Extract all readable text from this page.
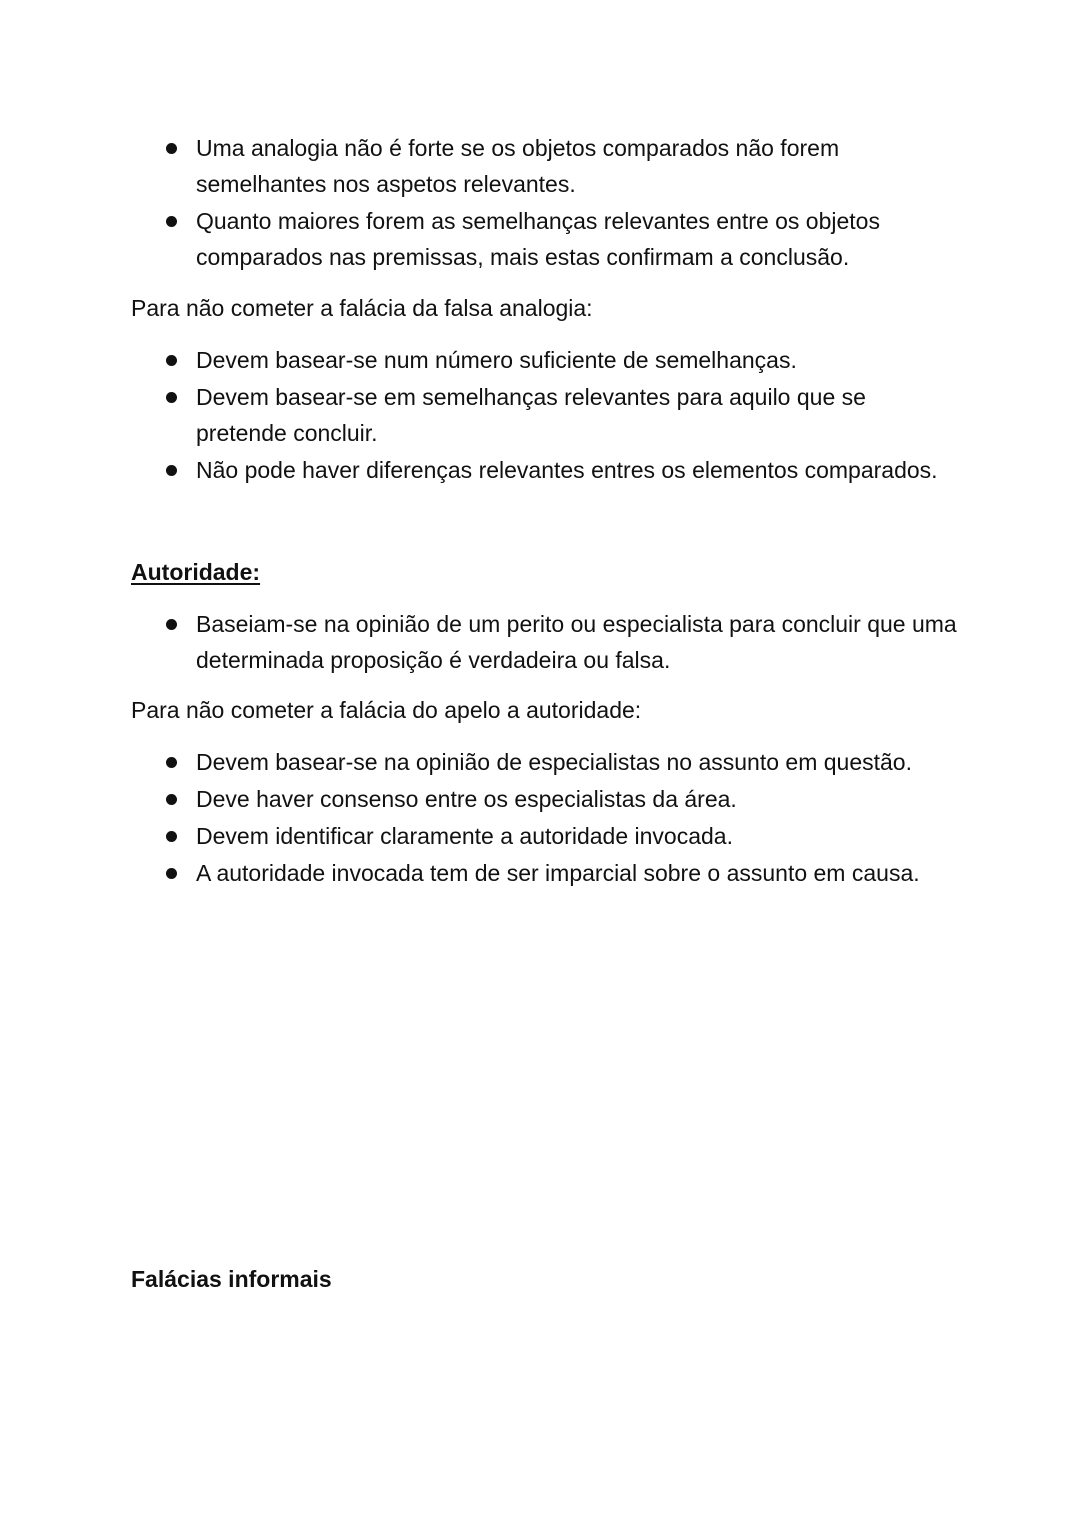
Uma analogia não é forte se os objetos comparados não forem semelhantes nos aspetos relevantes.
Quanto maiores forem as semelhanças relevantes entre os objetos comparados nas premissas, mais estas confirmam a conclusão.
Para não cometer a falácia da falsa analogia:
Devem basear-se num número suficiente de semelhanças.
Devem basear-se em semelhanças relevantes para aquilo que se pretende concluir.
Não pode haver diferenças relevantes entres os elementos comparados.
Autoridade:
Baseiam-se na opinião de um perito ou especialista para concluir que uma determinada proposição é verdadeira ou falsa.
Para não cometer a falácia do apelo a autoridade:
Devem basear-se na opinião de especialistas no assunto em questão.
Deve haver consenso entre os especialistas da área.
Devem identificar claramente a autoridade invocada.
A autoridade invocada tem de ser imparcial sobre o assunto em causa.
Falácias informais
